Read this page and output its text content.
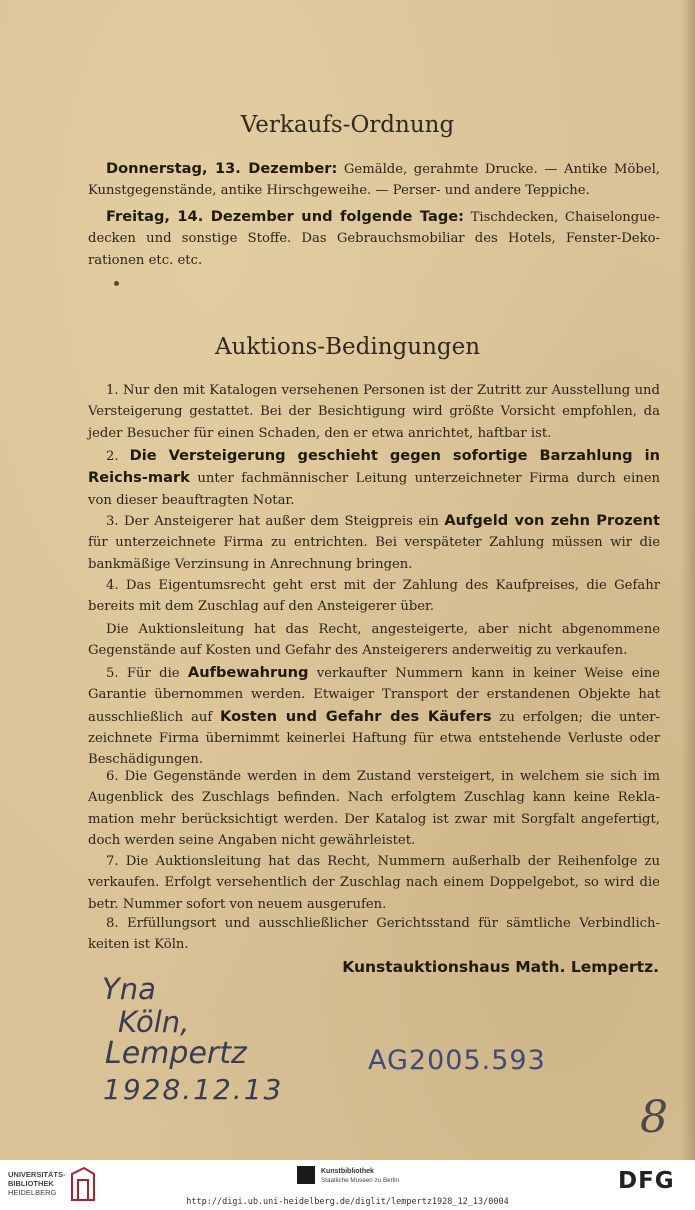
Verkaufs-Ordnung

Donnerstag, 13. Dezember: Gemälde, gerahmte Drucke. — Antike Möbel, Kunstgegenstände, antike Hirschgeweihe. — Perser- und andere Teppiche.

Freitag, 14. Dezember und folgende Tage: Tischdecken, Chaiselongue-decken und sonstige Stoffe. Das Gebrauchsmobiliar des Hotels, Fenster-Deko-rationen etc. etc.

Auktions-Bedingungen

1. Nur den mit Katalogen versehenen Personen ist der Zutritt zur Ausstellung und Versteigerung gestattet. Bei der Besichtigung wird größte Vorsicht empfohlen, da jeder Besucher für einen Schaden, den er etwa anrichtet, haftbar ist.

2. Die Versteigerung geschieht gegen sofortige Barzahlung in Reichs-mark unter fachmännischer Leitung unterzeichneter Firma durch einen von dieser beauftragten Notar.

3. Der Ansteigerer hat außer dem Steigpreis ein Aufgeld von zehn Prozent für unterzeichnete Firma zu entrichten. Bei verspäteter Zahlung müssen wir die bankmäßige Verzinsung in Anrechnung bringen.

4. Das Eigentumsrecht geht erst mit der Zahlung des Kaufpreises, die Gefahr bereits mit dem Zuschlag auf den Ansteigerer über.

Die Auktionsleitung hat das Recht, angesteigerte, aber nicht abgenommene Gegenstände auf Kosten und Gefahr des Ansteigerers anderweitig zu verkaufen.

5. Für die Aufbewahrung verkaufter Nummern kann in keiner Weise eine Garantie übernommen werden. Etwaiger Transport der erstandenen Objekte hat ausschließlich auf Kosten und Gefahr des Käufers zu erfolgen; die unter-zeichnete Firma übernimmt keinerlei Haftung für etwa entstehende Verluste oder Beschädigungen.

6. Die Gegenstände werden in dem Zustand versteigert, in welchem sie sich im Augenblick des Zuschlags befinden. Nach erfolgtem Zuschlag kann keine Rekla-mation mehr berücksichtigt werden. Der Katalog ist zwar mit Sorgfalt angefertigt, doch werden seine Angaben nicht gewährleistet.

7. Die Auktionsleitung hat das Recht, Nummern außerhalb der Reihenfolge zu verkaufen. Erfolgt versehentlich der Zuschlag nach einem Doppelgebot, so wird die betr. Nummer sofort von neuem ausgerufen.

8. Erfüllungsort und ausschließlicher Gerichtsstand für sämtliche Verbindlich-keiten ist Köln.

Kunstauktionshaus Math. Lempertz.

Yna
Köln,
Lempertz
1928.12.13
AG2005.593
8

UNIVERSITÄTS-

BIBLIOTHEK

HEIDELBERG

Kunstbibliothek

Staatliche Museen zu Berlin	DFG

http://digi.ub.uni-heidelberg.de/diglit/lempertz1928_12_13/0004
